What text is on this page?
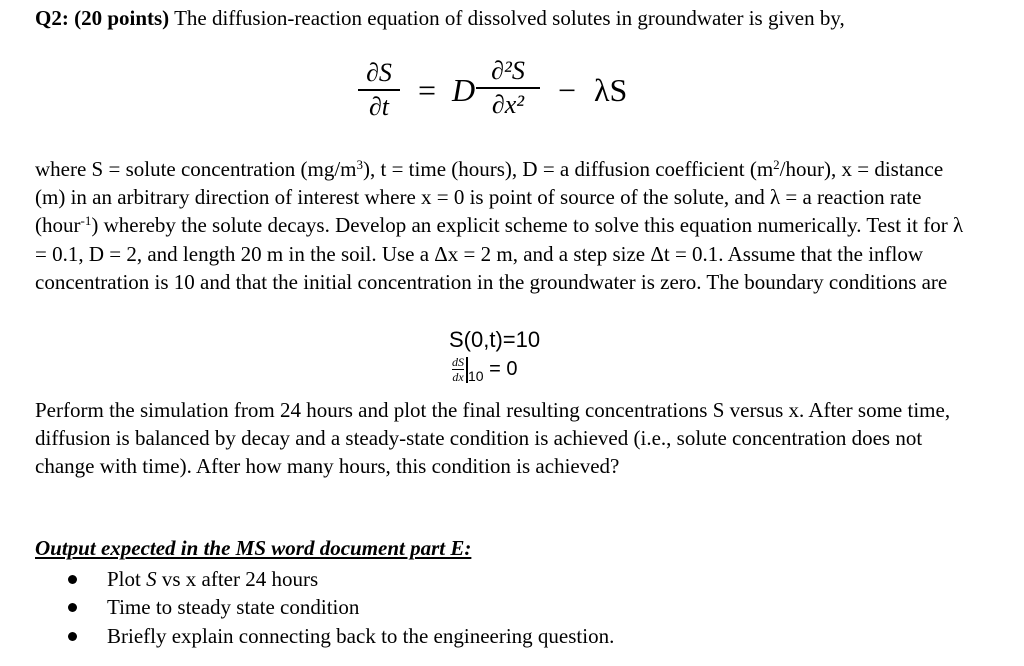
Q2: (20 points) The diffusion-reaction equation of dissolved solutes in groundwater is given by,
∂S
∂t = D
∂²S
∂x²	− λS
where S = solute concentration $(mg/m^3)$, t = time (hours), D = a diffusion coefficient $(m^2/hour)$, x = distance (m) in an arbitrary direction of interest where x = 0 is point of source of the solute, and λ = a reaction rate (hour$^{-1}$) whereby the solute decays. Develop an explicit scheme to solve this equation numerically. Test it for λ = 0.1, D = 2, and length 20 m in the soil. Use a Δx = 2 m, and a step size Δt = 0.1. Assume that the inflow concentration is 10 and that the initial concentration in the groundwater is zero. The boundary conditions are
S(0,t)=10
$\frac{dS}{dx} _{10} = 0$
Perform the simulation from 24 hours and plot the final resulting concentrations S versus x. After some time, diffusion is balanced by decay and a steady-state condition is achieved (i.e., solute concentration does not change with time). After how many hours, this condition is achieved?
Output expected in the MS word document part E:
Plot S vs x after 24 hours
Time to steady state condition
Briefly explain connecting back to the engineering question.
